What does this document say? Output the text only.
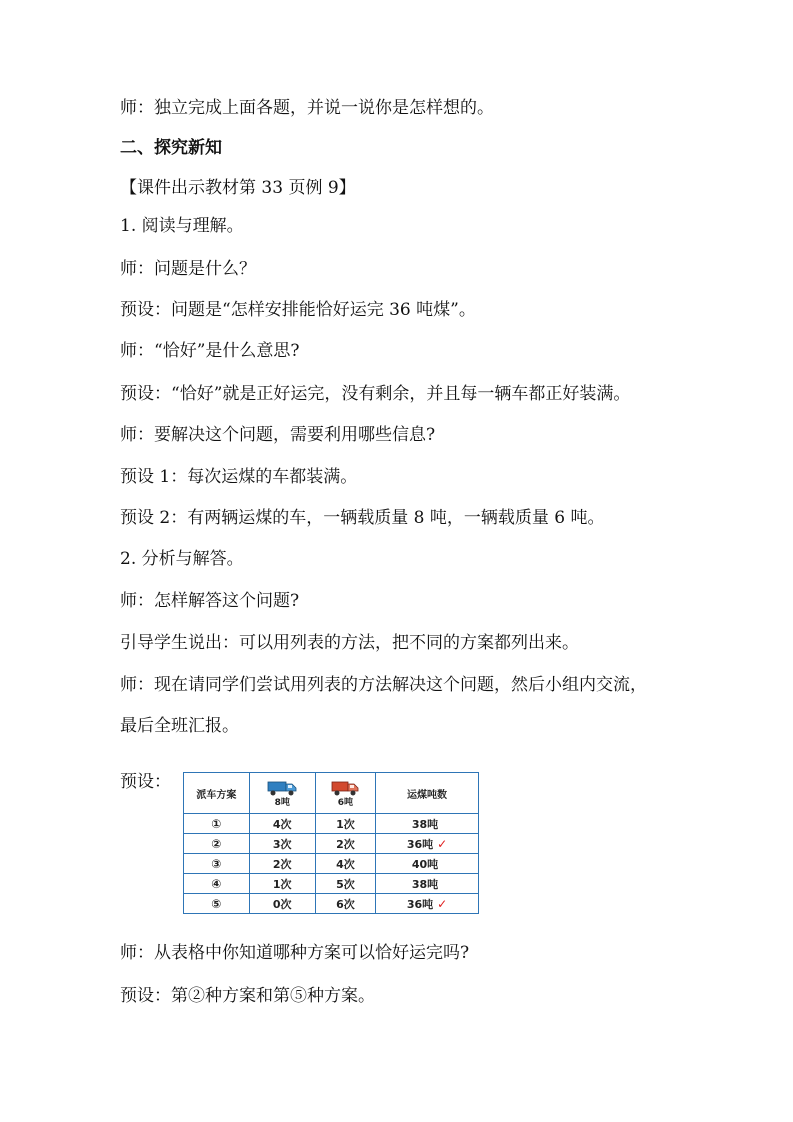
师：独立完成上面各题，并说一说你是怎样想的。

二、探究新知

【课件出示教材第 33 页例 9】

1. 阅读与理解。

师：问题是什么？

预设：问题是“怎样安排能恰好运完 36 吨煤”。

师：“恰好”是什么意思?

预设：“恰好”就是正好运完，没有剩余，并且每一辆车都正好装满。

师：要解决这个问题，需要利用哪些信息?

预设 1：每次运煤的车都装满。

预设 2：有两辆运煤的车，一辆载质量 8 吨，一辆载质量 6 吨。

2. 分析与解答。

师：怎样解答这个问题?

引导学生说出：可以用列表的方法，把不同的方案都列出来。

师：现在请同学们尝试用列表的方法解决这个问题，然后小组内交流，

最后全班汇报。

预设：
派车方案	8吨	6吨	运煤吨数
①	4次	1次	38吨
②	3次	2次	36吨 ✓
③	2次	4次	40吨
④	1次	5次	38吨
⑤	0次	6次	36吨 ✓

师：从表格中你知道哪种方案可以恰好运完吗?

预设：第②种方案和第⑤种方案。
